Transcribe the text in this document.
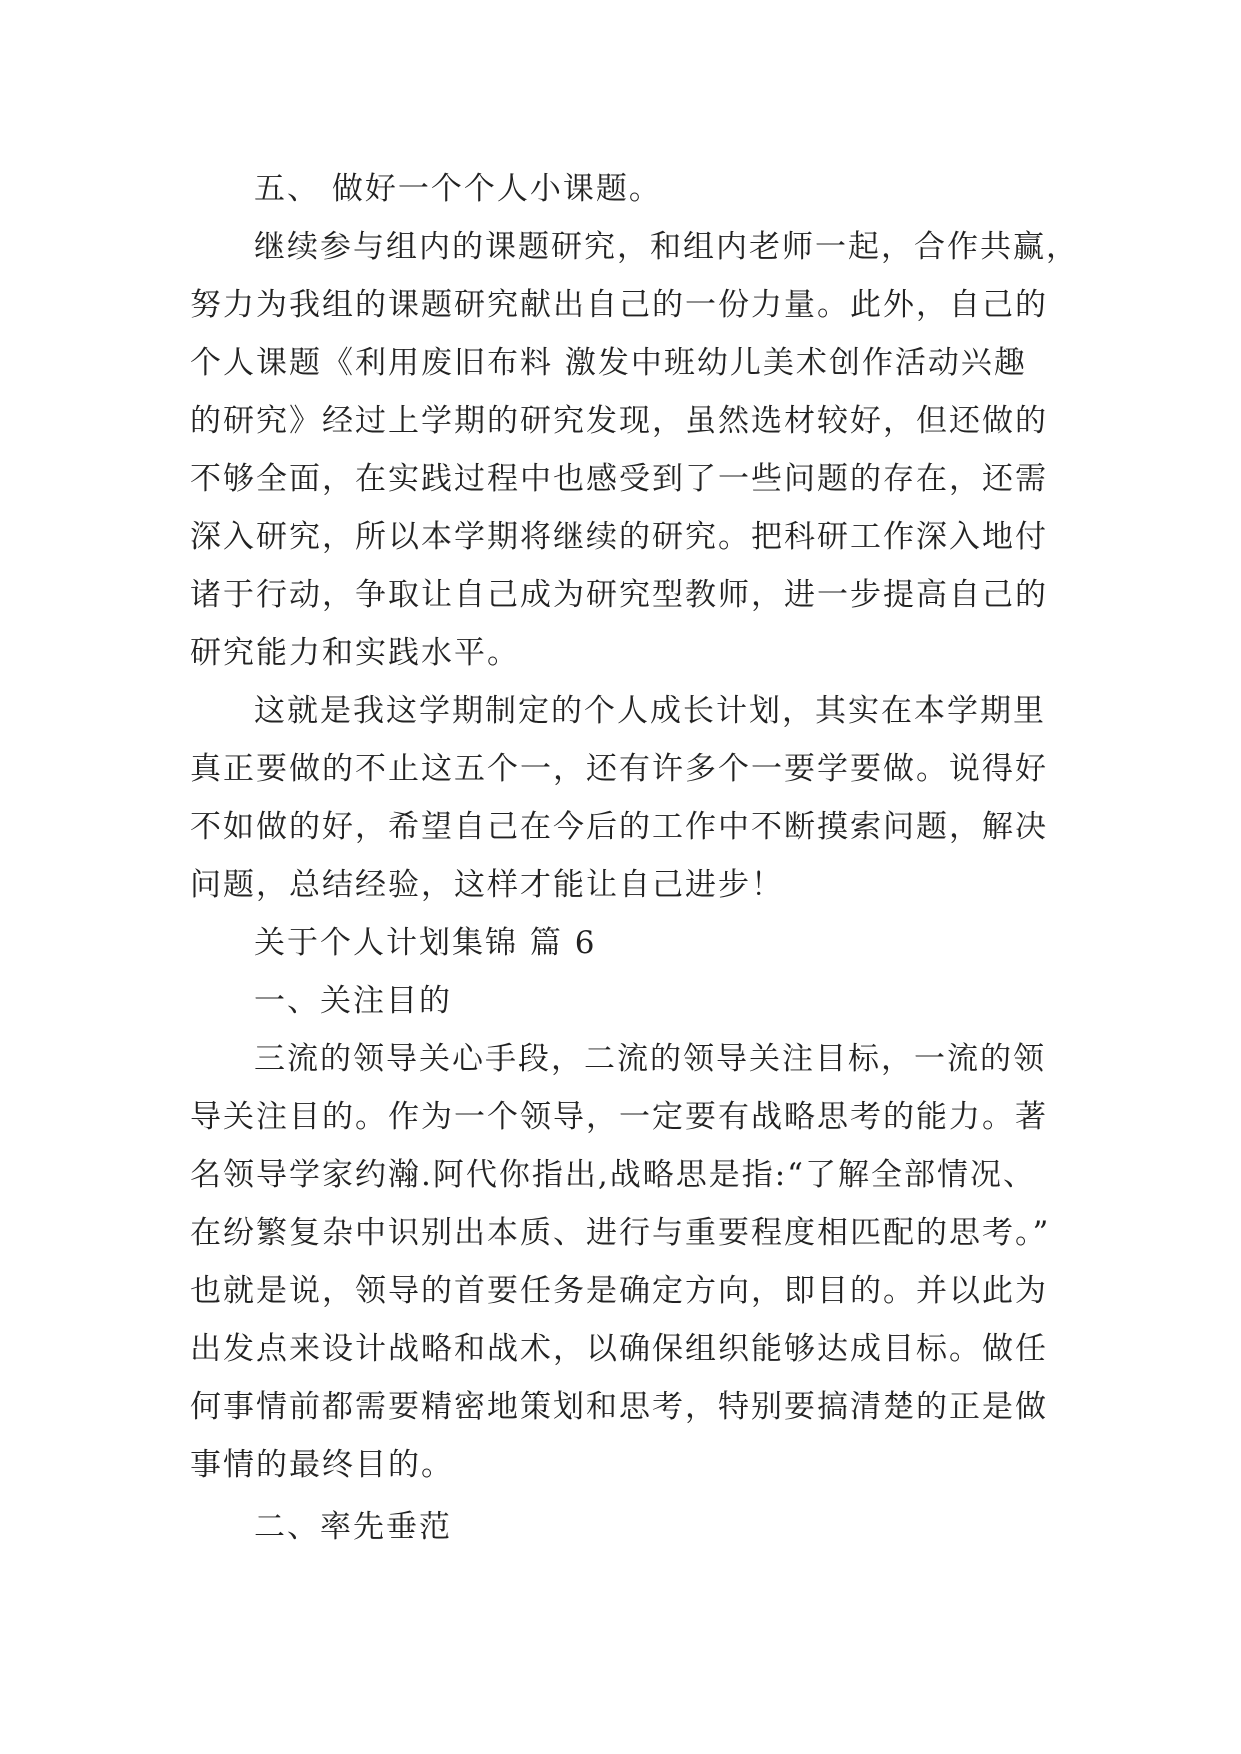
五、 做好一个个人小课题。
继续参与组内的课题研究，和组内老师一起，合作共赢，
努力为我组的课题研究献出自己的一份力量。此外，自己的
个人课题《利用废旧布料 激发中班幼儿美术创作活动兴趣
的研究》经过上学期的研究发现，虽然选材较好，但还做的
不够全面，在实践过程中也感受到了一些问题的存在，还需
深入研究，所以本学期将继续的研究。把科研工作深入地付
诸于行动，争取让自己成为研究型教师，进一步提高自己的
研究能力和实践水平。
这就是我这学期制定的个人成长计划，其实在本学期里
真正要做的不止这五个一，还有许多个一要学要做。说得好
不如做的好，希望自己在今后的工作中不断摸索问题，解决
问题，总结经验，这样才能让自己进步！
关于个人计划集锦 篇 6
一、关注目的
三流的领导关心手段，二流的领导关注目标，一流的领
导关注目的。作为一个领导，一定要有战略思考的能力。著
名领导学家约瀚.阿代你指出,战略思是指:“了解全部情况、
在纷繁复杂中识别出本质、进行与重要程度相匹配的思考。”
也就是说，领导的首要任务是确定方向，即目的。并以此为
出发点来设计战略和战术，以确保组织能够达成目标。做任
何事情前都需要精密地策划和思考，特别要搞清楚的正是做
事情的最终目的。
二、率先垂范
